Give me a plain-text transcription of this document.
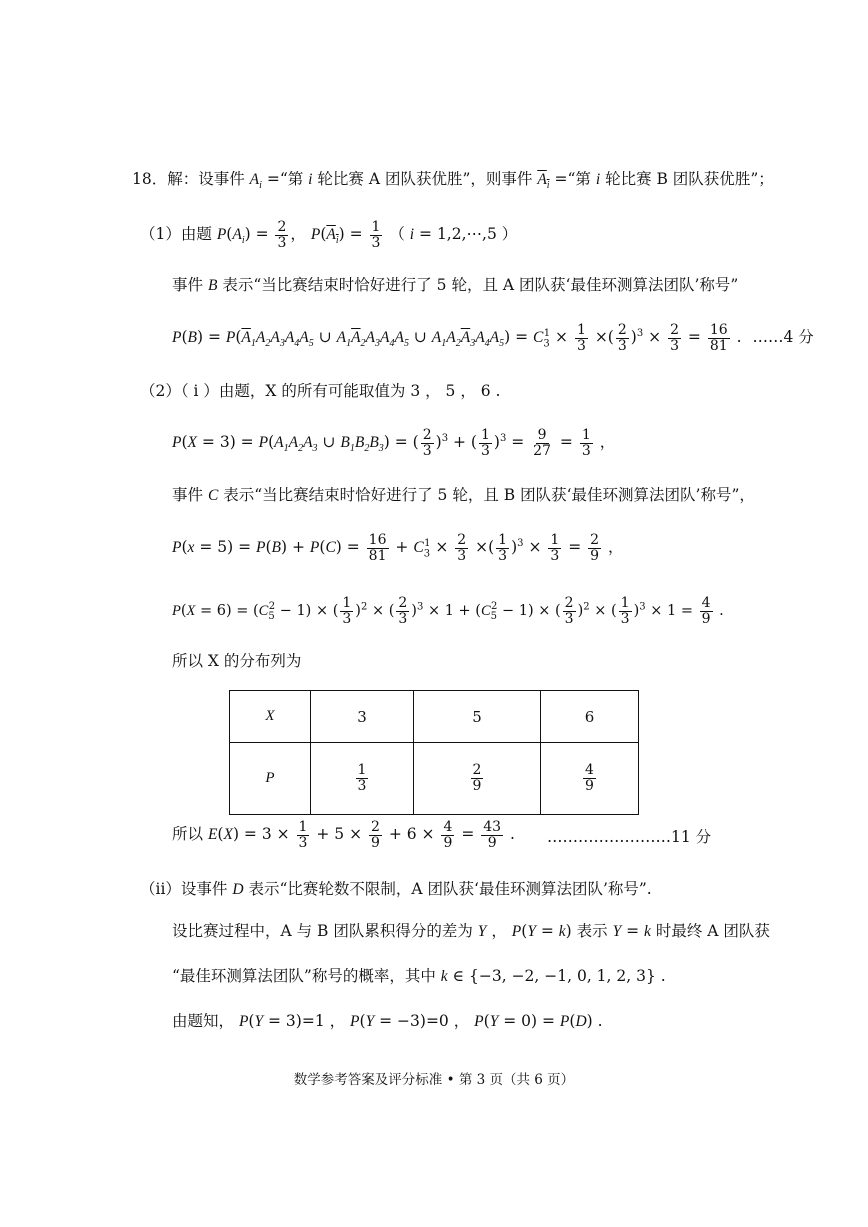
18．解：设事件 $A_i$ =“第 i 轮比赛 A 团队获优胜”，则事件 $A_i$ =“第 i 轮比赛 B 团队获优胜”；
（1）由题 $P(A_i) = \frac{2}{3}$ ， $P(A_i) = \frac{1}{3}$ （ i = 1,2,⋯,5 ）
事件 B 表示“当比赛结束时恰好进行了 5 轮，且 A 团队获‘最佳环测算法团队’称号”
$P(B) = P(\overline{A}_1A_2A_3A_4A_5$ ∪ $A_1\overline{A}_2A_3A_4A_5$ ∪ $A_1A_2\overline{A}_3A_4A_5) = C_3^1 \times \frac{1}{3}$ ×( $\frac{2}{3} )^3 \times \frac{2}{3} = \frac{16}{81}$ . ……4 分
（2）（ i ）由题，X 的所有可能取值为 3 ， 5 ， 6 .
$P(X = 3) = P(A_1A_2A_3$ ∪ $B_1B_2B_3$) = ( $\frac{2}{3} )^3$ + ( $\frac{1}{3} )^3 = \frac{9}{27} = \frac{1}{3}$ ，
事件 C 表示“当比赛结束时恰好进行了 5 轮，且 B 团队获‘最佳环测算法团队’称号”，
$P(x = 5) = P(B) + P(C) = \frac{16}{81} + C_3^1 \times \frac{2}{3}$ ×( $\frac{1}{3} )^3 \times \frac{1}{3} = \frac{2}{9}$ ，
$P(X = 6) = (C_5^2 - 1)$ × ( $\frac{1}{3} )^2$ × ( $\frac{2}{3} )^3 \times 1 + (C_5^2 - 1)$ × ( $\frac{2}{3} )^2$ × ( $\frac{1}{3} )^3 \times 1 = \frac{4}{9}$ .
所以 X 的分布列为
X	3	5	6
P	$\frac{1}{3}$	$\frac{2}{9}$	$\frac{4}{9}$
所以 $E(X) = 3 \times \frac{1}{3} + 5 \times \frac{2}{9} + 6 \times \frac{4}{9} = \frac{43}{9}$ . ……………………11 分
（ii）设事件 D 表示“比赛轮数不限制，A 团队获‘最佳环测算法团队’称号”.
设比赛过程中，A 与 B 团队累积得分的差为 Y ， P(Y = k) 表示 Y = k 时最终 A 团队获
“最佳环测算法团队”称号的概率，其中 k ∈ {−3, −2, −1, 0, 1, 2, 3} .
由题知， P(Y = 3)=1 ， P(Y = −3)=0 ， P(Y = 0) = P(D) .
数学参考答案及评分标准 • 第 3 页（共 6 页）
